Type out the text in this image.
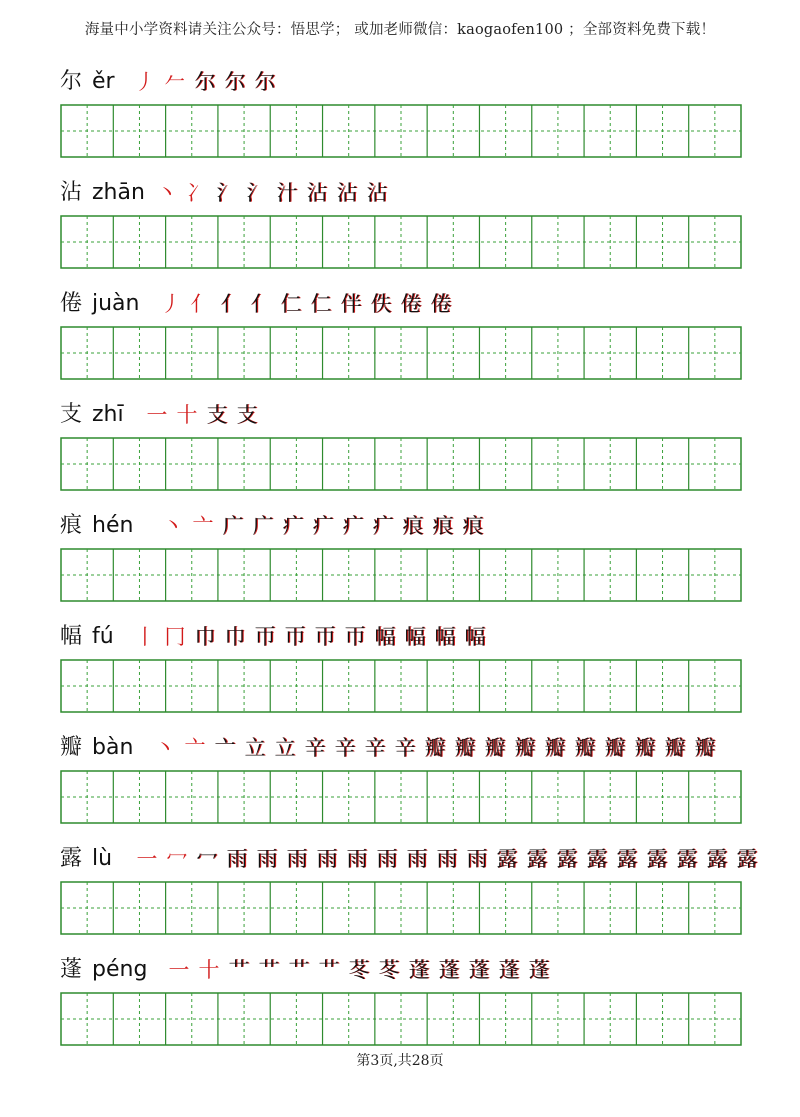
海量中小学资料请关注公众号：悟思学； 或加老师微信：kaogaofen100 ；全部资料免费下载！
尔 ěr 丿 𠂉 尔 尔 尔
沾 zhān 丶 冫 氵 氵 汁 沾 沾 沾
倦 juàn 丿 亻 亻 亻 仁 仁 伴 佚 倦 倦
支 zhī 一 十 支 支
痕 hén 丶 亠 广 广 疒 疒 疒 疒 痕 痕 痕
幅 fú 丨 冂 巾 巾 帀 帀 帀 帀 幅 幅 幅 幅
瓣 bàn 丶 亠 亠 立 立 辛 辛 辛 辛 瓣 瓣 瓣 瓣 瓣 瓣 瓣 瓣 瓣 瓣
露 lù 一 冖 冖 雨 雨 雨 雨 雨 雨 雨 雨 雨 露 露 露 露 露 露 露 露 露
蓬 péng 一 十 艹 艹 艹 艹 苳 苳 蓬 蓬 蓬 蓬 蓬
第3页,共28页
